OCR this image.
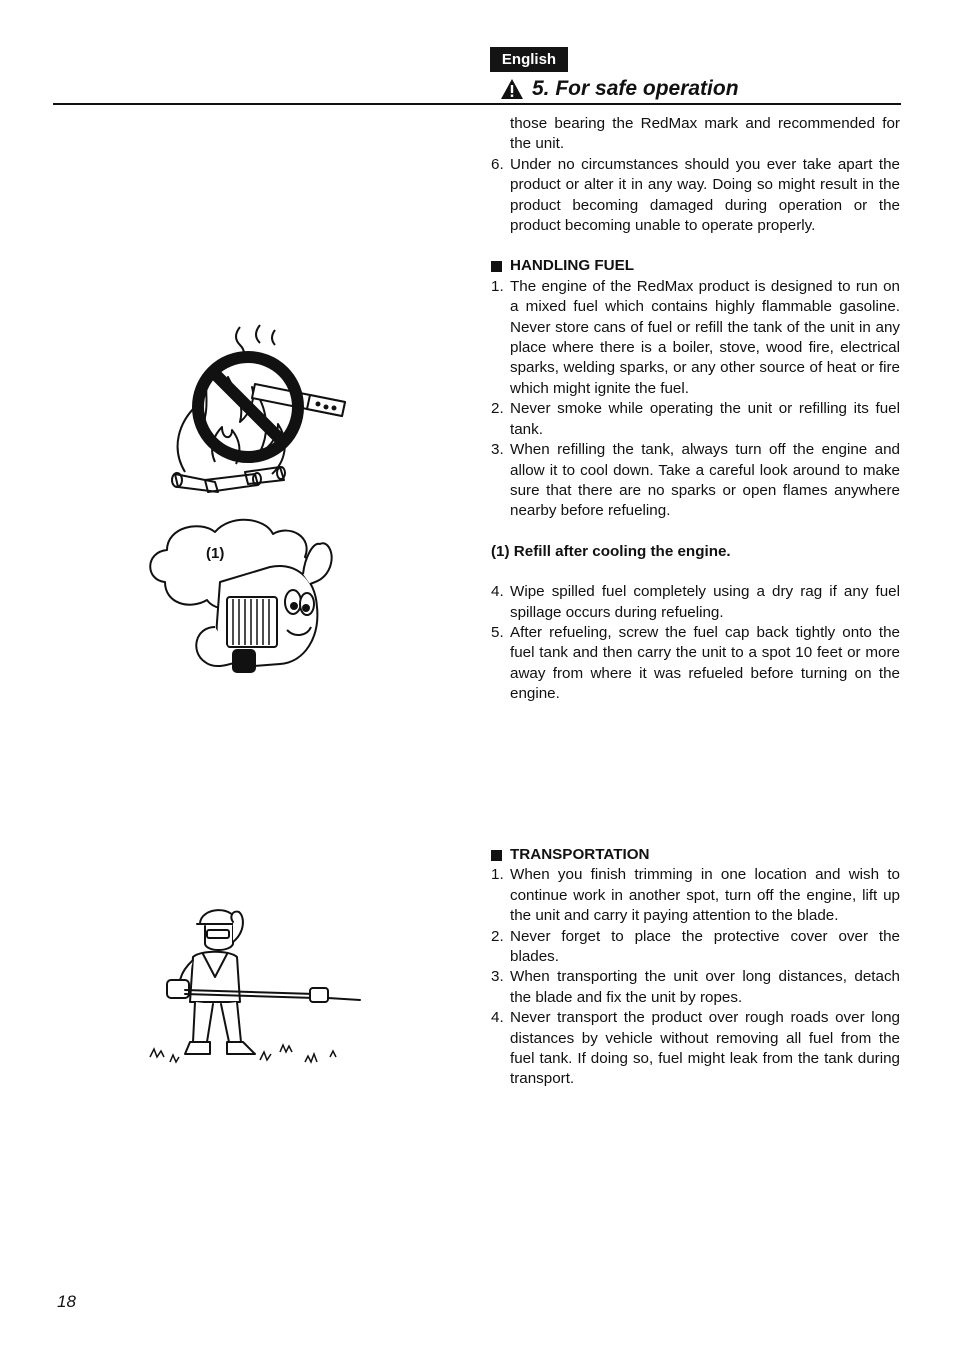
English
5. For safe operation
those bearing the RedMax mark and recommended for the unit.
6. Under no circumstances should you ever take apart the product or alter it in any way. Doing so might result in the product becoming damaged during operation or the product becoming unable to operate properly.
HANDLING FUEL
1. The engine of the RedMax product is designed to run on a mixed fuel which contains highly flammable gasoline. Never store cans of fuel or refill the tank of the unit in any place where there is a boiler, stove, wood fire, electrical sparks, welding sparks, or any other source of heat or fire which might ignite the fuel.
2. Never smoke while operating the unit or refilling its fuel tank.
3. When refilling the tank, always turn off the engine and allow it to cool down. Take a careful look around to make sure that there are no sparks or open flames anywhere nearby before refueling.
(1) Refill after cooling the engine.
4. Wipe spilled fuel completely using a dry rag if any fuel spillage occurs during refueling.
5. After refueling, screw the fuel cap back tightly onto the fuel tank and then carry the unit to a spot 10 feet or more away from where it was refueled before turning on the engine.
TRANSPORTATION
1. When you finish trimming in one location and wish to continue work in another spot, turn off the engine, lift up the unit and carry it paying attention to the blade.
2. Never forget to place the protective cover over the blades.
3. When transporting the unit over long distances, detach the blade and fix the unit by ropes.
4. Never transport the product over rough roads over long distances by vehicle without removing all fuel from the fuel tank. If doing so, fuel might leak from the tank during transport.
(1)
18
